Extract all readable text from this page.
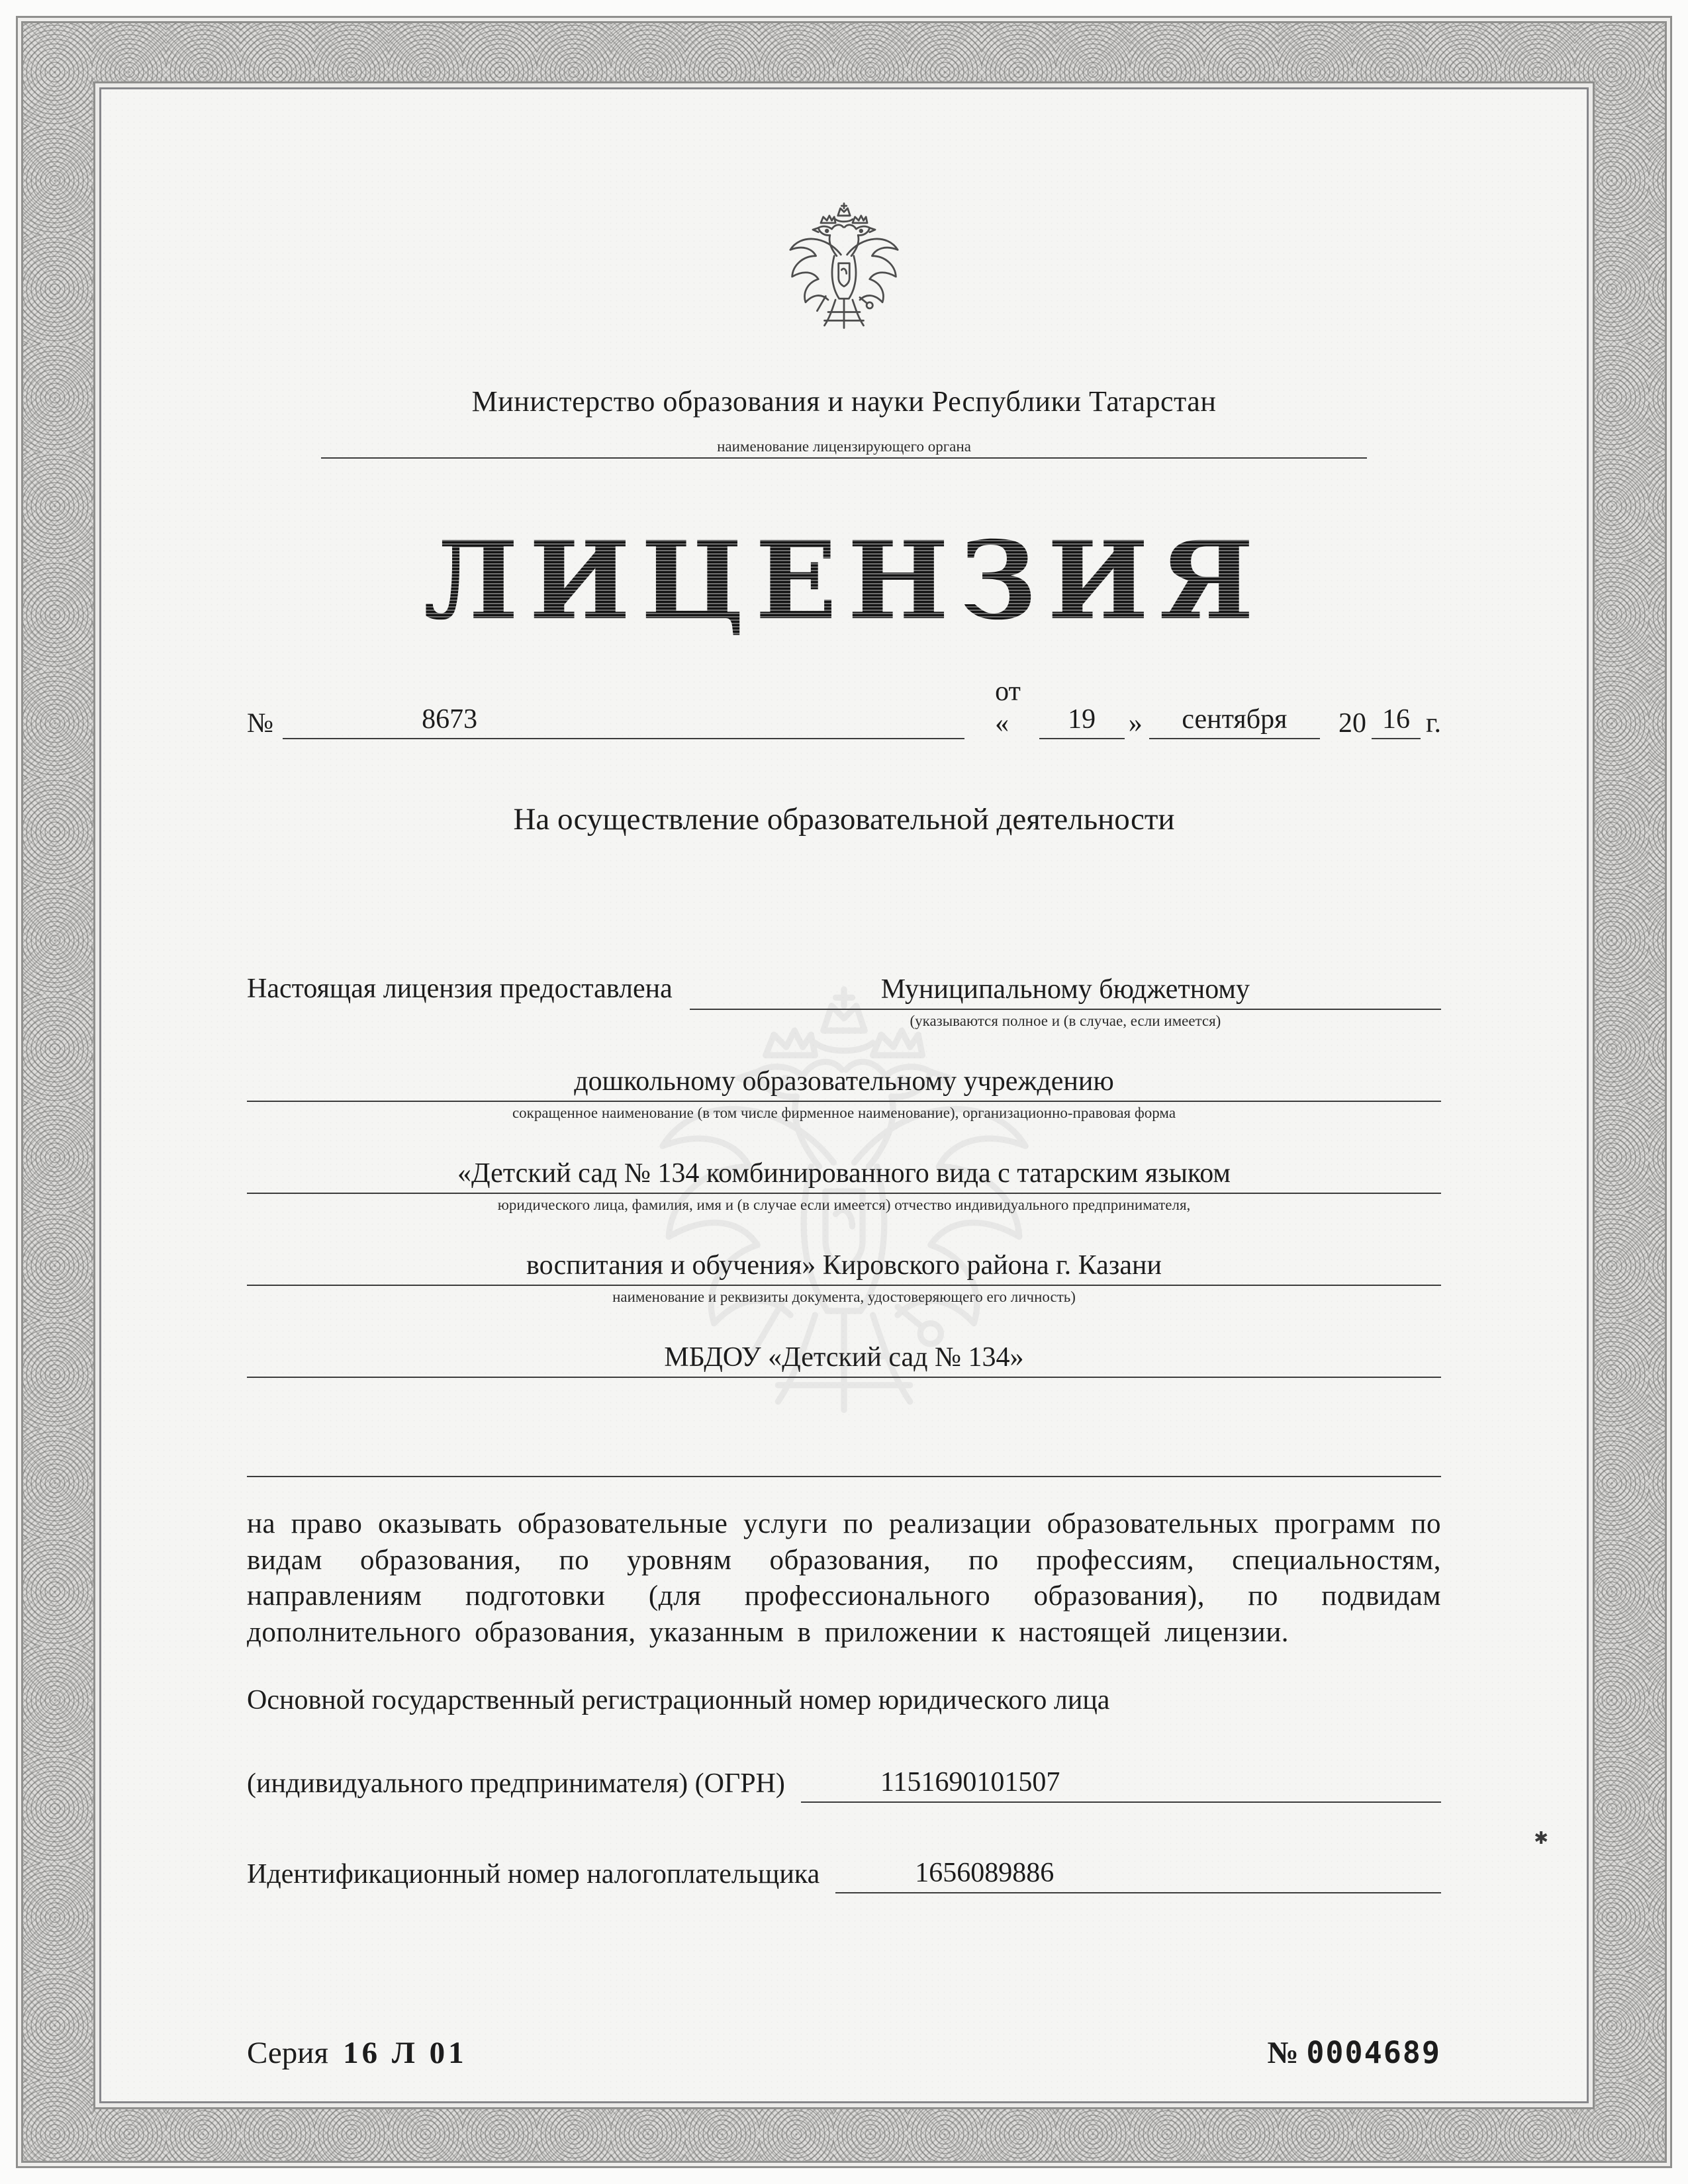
Министерство образования и науки Республики Татарстан
наименование лицензирующего органа
ЛИЦЕНЗИЯ
№	8673
от «	19	»	сентября	20 16 г.
На осуществление образовательной деятельности
Настоящая лицензия предоставлена	Муниципальному бюджетному
(указываются полное и (в случае, если имеется)
дошкольному образовательному учреждению
сокращенное наименование (в том числе фирменное наименование), организационно-правовая форма
«Детский сад № 134 комбинированного вида с татарским языком
юридического лица, фамилия, имя и (в случае если имеется) отчество индивидуального предпринимателя,
воспитания и обучения» Кировского района г. Казани
наименование и реквизиты документа, удостоверяющего его личность)
МБДОУ «Детский сад № 134»
на право оказывать образовательные услуги по реализации образовательных программ по видам образования, по уровням образования, по профессиям, специальностям, направлениям подготовки (для профессионального образования), по подвидам дополнительного образования, указанным в приложении к настоящей лицензии.
Основной государственный регистрационный номер юридического лица
(индивидуального предпринимателя) (ОГРН)	1151690101507
Идентификационный номер налогоплательщика	1656089886
✱
Серия 16 Л 01	№ 0004689
